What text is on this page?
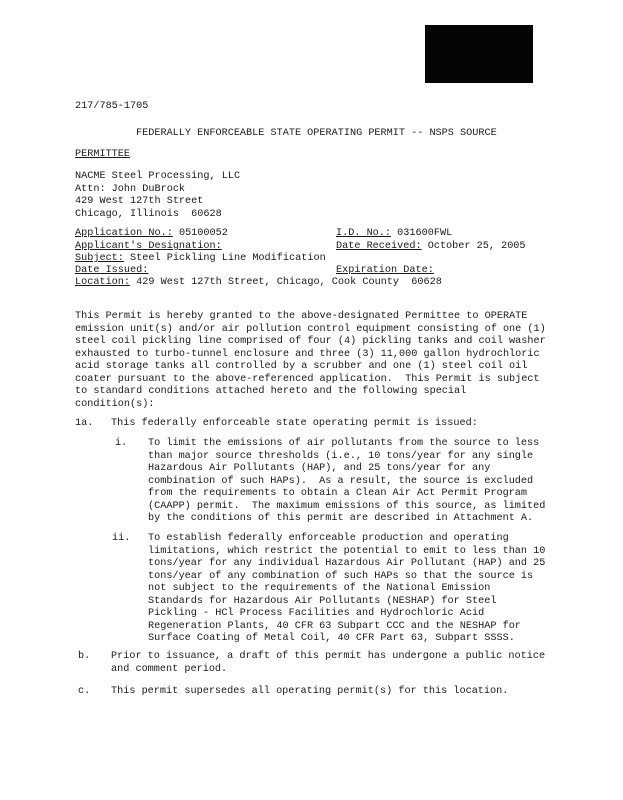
217/785-1705
FEDERALLY ENFORCEABLE STATE OPERATING PERMIT -- NSPS SOURCE
PERMITTEE
NACME Steel Processing, LLC
Attn: John DuBrock
429 West 127th Street
Chicago, Illinois  60628
Application No.: 05100052	I.D. No.: 031600FWL
Applicant's Designation:	Date Received: October 25, 2005
Subject: Steel Pickling Line Modification
Date Issued:	Expiration Date:
Location: 429 West 127th Street, Chicago, Cook County  60628
This Permit is hereby granted to the above-designated Permittee to OPERATE
emission unit(s) and/or air pollution control equipment consisting of one (1)
steel coil pickling line comprised of four (4) pickling tanks and coil washer
exhausted to turbo-tunnel enclosure and three (3) 11,000 gallon hydrochloric
acid storage tanks all controlled by a scrubber and one (1) steel coil oil
coater pursuant to the above-referenced application.  This Permit is subject
to standard conditions attached hereto and the following special
condition(s):
1a. This federally enforceable state operating permit is issued:
i. To limit the emissions of air pollutants from the source to less
than major source thresholds (i.e., 10 tons/year for any single
Hazardous Air Pollutants (HAP), and 25 tons/year for any
combination of such HAPs).  As a result, the source is excluded
from the requirements to obtain a Clean Air Act Permit Program
(CAAPP) permit.  The maximum emissions of this source, as limited
by the conditions of this permit are described in Attachment A.
ii. To establish federally enforceable production and operating
limitations, which restrict the potential to emit to less than 10
tons/year for any individual Hazardous Air Pollutant (HAP) and 25
tons/year of any combination of such HAPs so that the source is
not subject to the requirements of the National Emission
Standards for Hazardous Air Pollutants (NESHAP) for Steel
Pickling - HCl Process Facilities and Hydrochloric Acid
Regeneration Plants, 40 CFR 63 Subpart CCC and the NESHAP for
Surface Coating of Metal Coil, 40 CFR Part 63, Subpart SSSS.
b. Prior to issuance, a draft of this permit has undergone a public notice
and comment period.
c. This permit supersedes all operating permit(s) for this location.
